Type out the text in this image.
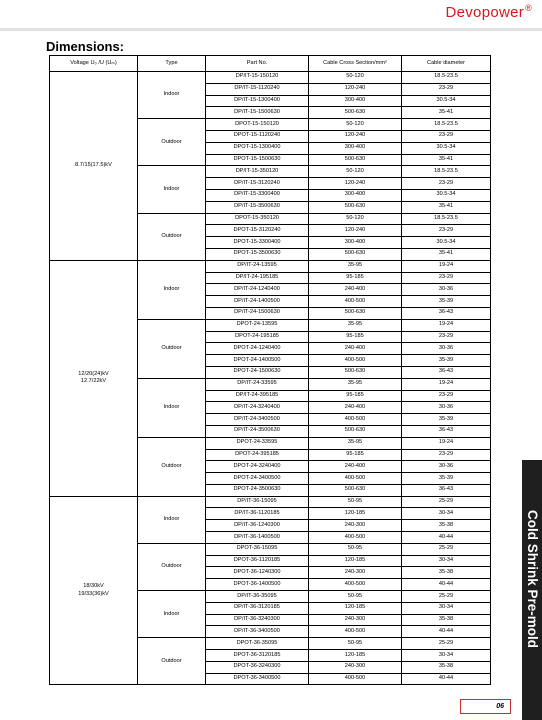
Devopower®
Dimensions:
Voltage U₀ /U (Uₘ)	Type	Part No.	Cable Cross Section/mm²	Cable diameter
8.7/15(17.5)kV	Indoor	DP/IT-15-150120	50-120	18.5-23.5
		DP/IT-15-1120240	120-240	23-29
		DP/IT-15-1300400	300-400	30.5-34
		DP/IT-15-1500630	500-630	35-41
	Outdoor	DPOT-15-150120	50-120	18.5-23.5
		DPOT-15-1120240	120-240	23-29
		DPOT-15-1300400	300-400	30.5-34
		DPOT-15-1500630	500-630	35-41
	Indoor	DP/IT-15-350120	50-120	18.5-23.5
		DP/IT-15-3120240	120-240	23-29
		DP/IT-15-3300400	300-400	30.5-34
		DP/IT-15-3500630	500-630	35-41
	Outdoor	DPOT-15-350120	50-120	18.5-23.5
		DPOT-15-3120240	120-240	23-29
		DPOT-15-3300400	300-400	30.5-34
		DPOT-15-3500630	500-630	35-41
12/20(24)kV
12.7/22kV	Indoor	DP/IT-24-13595	35-95	19-24
		DP/IT-24-195185	95-185	23-29
		DP/IT-24-1240400	240-400	30-36
		DP/IT-24-1400500	400-500	35-39
		DP/IT-24-1500630	500-630	36-43
	Outdoor	DPOT-24-13595	35-95	19-24
		DPOT-24-195185	95-185	23-29
		DPOT-24-1240400	240-400	30-36
		DPOT-24-1400500	400-500	35-39
		DPOT-24-1500630	500-630	36-43
	Indoor	DP/IT-24-33595	35-95	19-24
		DP/IT-24-395185	95-185	23-29
		DP/IT-24-3240400	240-400	30-36
		DP/IT-24-3400500	400-500	35-39
		DP/IT-24-3500630	500-630	36-43
	Outdoor	DPOT-24-33595	35-95	19-24
		DPOT-24-395185	95-185	23-29
		DPOT-24-3240400	240-400	30-36
		DPOT-24-3400500	400-500	35-39
		DPOT-24-3500630	500-630	36-43
18/30kV
19/33(36)kV	Indoor	DP/IT-36-15095	50-95	25-29
		DP/IT-36-1120185	120-185	30-34
		DP/IT-36-1240300	240-300	35-38
		DP/IT-36-1400500	400-500	40-44
	Outdoor	DPOT-36-15095	50-95	25-29
		DPOT-36-1120185	120-185	30-34
		DPOT-36-1240300	240-300	35-38
		DPOT-36-1400500	400-500	40-44
	Indoor	DP/IT-36-35095	50-95	25-29
		DP/IT-36-3120185	120-185	30-34
		DP/IT-36-3240300	240-300	35-38
		DP/IT-36-3400500	400-500	40-44
	Outdoor	DPOT-36-35095	50-95	25-29
		DPOT-36-3120185	120-185	30-34
		DPOT-36-3240300	240-300	35-38
		DPOT-36-3400500	400-500	40-44
Cold Shrink Pre-mold
06
